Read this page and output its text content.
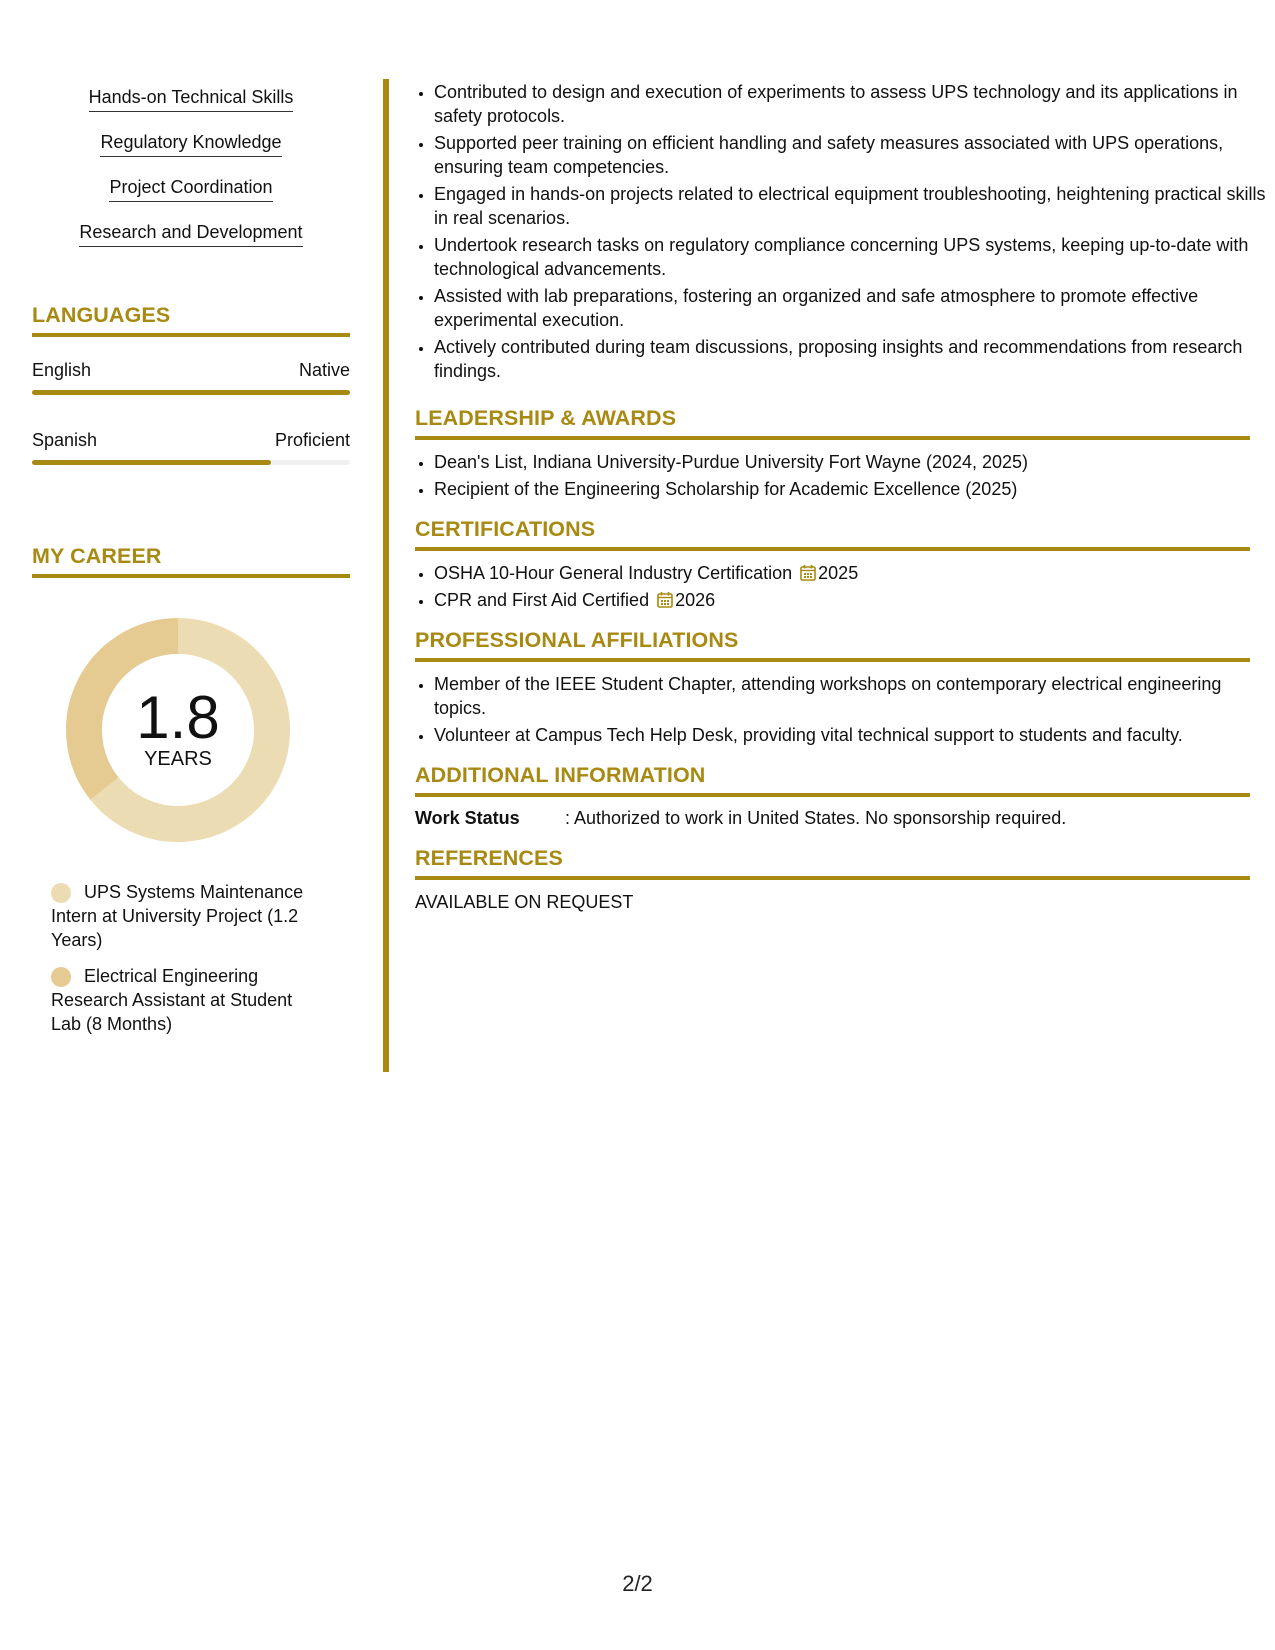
Hands-on Technical Skills
Regulatory Knowledge
Project Coordination
Research and Development
LANGUAGES
English	Native
Spanish	Proficient
MY CAREER
1.8
YEARS
UPS Systems Maintenance Intern at University Project (1.2 Years)
Electrical Engineering Research Assistant at Student Lab (8 Months)
• Contributed to design and execution of experiments to assess UPS technology and its applications in safety protocols.
• Supported peer training on efficient handling and safety measures associated with UPS operations, ensuring team competencies.
• Engaged in hands-on projects related to electrical equipment troubleshooting, heightening practical skills in real scenarios.
• Undertook research tasks on regulatory compliance concerning UPS systems, keeping up-to-date with technological advancements.
• Assisted with lab preparations, fostering an organized and safe atmosphere to promote effective experimental execution.
• Actively contributed during team discussions, proposing insights and recommendations from research findings.
LEADERSHIP & AWARDS
• Dean's List, Indiana University-Purdue University Fort Wayne (2024, 2025)
• Recipient of the Engineering Scholarship for Academic Excellence (2025)
CERTIFICATIONS
• OSHA 10-Hour General Industry Certification 2025
• CPR and First Aid Certified 2026
PROFESSIONAL AFFILIATIONS
• Member of the IEEE Student Chapter, attending workshops on contemporary electrical engineering topics.
• Volunteer at Campus Tech Help Desk, providing vital technical support to students and faculty.
ADDITIONAL INFORMATION
Work Status	: Authorized to work in United States. No sponsorship required.
REFERENCES
AVAILABLE ON REQUEST
2/2
